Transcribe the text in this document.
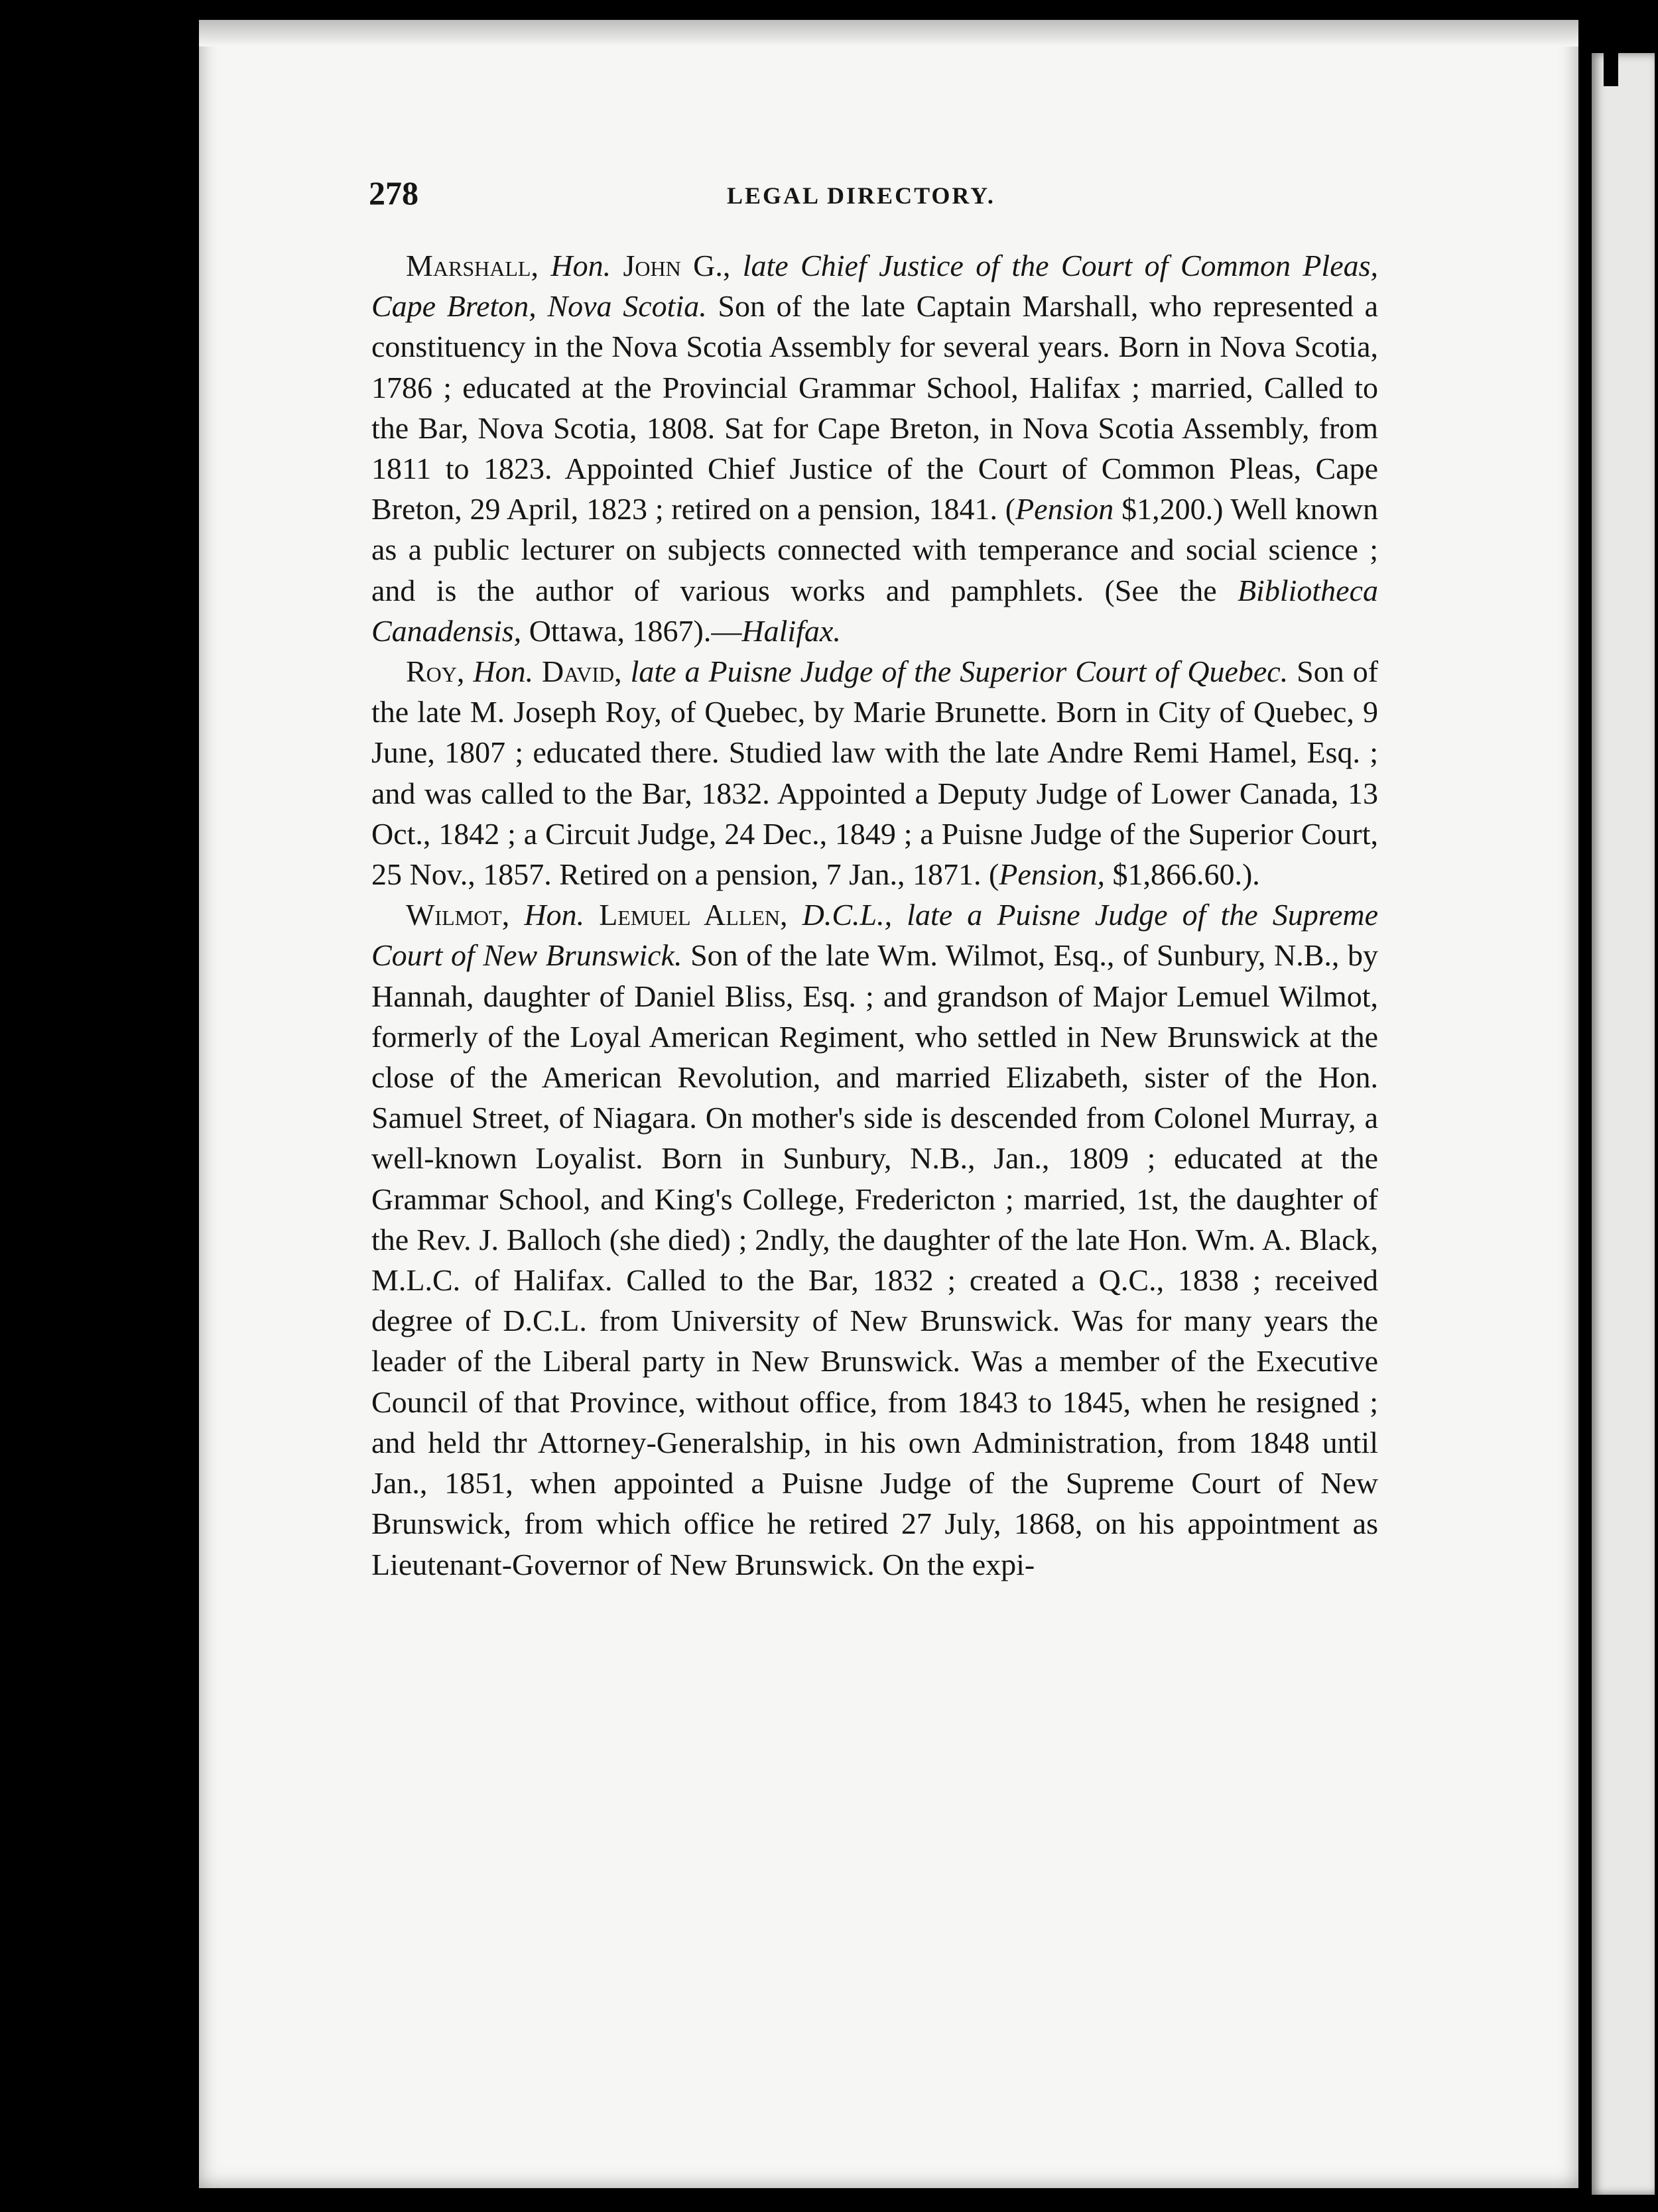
278	LEGAL DIRECTORY.

Marshall, Hon. John G., late Chief Justice of the Court of Common Pleas, Cape Breton, Nova Scotia. Son of the late Captain Marshall, who represented a constituency in the Nova Scotia Assembly for several years. Born in Nova Scotia, 1786 ; educated at the Provincial Grammar School, Halifax ; married, Called to the Bar, Nova Scotia, 1808. Sat for Cape Breton, in Nova Scotia Assembly, from 1811 to 1823. Appointed Chief Justice of the Court of Common Pleas, Cape Breton, 29 April, 1823 ; retired on a pension, 1841. (Pension $1,200.) Well known as a public lecturer on subjects connected with temperance and social science ; and is the author of various works and pamphlets. (See the Bibliotheca Canadensis, Ottawa, 1867).—Halifax.

Roy, Hon. David, late a Puisne Judge of the Superior Court of Quebec. Son of the late M. Joseph Roy, of Quebec, by Marie Brunette. Born in City of Quebec, 9 June, 1807 ; educated there. Studied law with the late Andre Remi Hamel, Esq. ; and was called to the Bar, 1832. Appointed a Deputy Judge of Lower Canada, 13 Oct., 1842 ; a Circuit Judge, 24 Dec., 1849 ; a Puisne Judge of the Superior Court, 25 Nov., 1857. Retired on a pension, 7 Jan., 1871. (Pension, $1,866.60.).

Wilmot, Hon. Lemuel Allen, D.C.L., late a Puisne Judge of the Supreme Court of New Brunswick. Son of the late Wm. Wilmot, Esq., of Sunbury, N.B., by Hannah, daughter of Daniel Bliss, Esq. ; and grandson of Major Lemuel Wilmot, formerly of the Loyal American Regiment, who settled in New Brunswick at the close of the American Revolution, and married Elizabeth, sister of the Hon. Samuel Street, of Niagara. On mother's side is descended from Colonel Murray, a well-known Loyalist. Born in Sunbury, N.B., Jan., 1809 ; educated at the Grammar School, and King's College, Fredericton ; married, 1st, the daughter of the Rev. J. Balloch (she died) ; 2ndly, the daughter of the late Hon. Wm. A. Black, M.L.C. of Halifax. Called to the Bar, 1832 ; created a Q.C., 1838 ; received degree of D.C.L. from University of New Brunswick. Was for many years the leader of the Liberal party in New Brunswick. Was a member of the Executive Council of that Province, without office, from 1843 to 1845, when he resigned ; and held thr Attorney-Generalship, in his own Administration, from 1848 until Jan., 1851, when appointed a Puisne Judge of the Supreme Court of New Brunswick, from which office he retired 27 July, 1868, on his appointment as Lieutenant-Governor of New Brunswick. On the expi-
